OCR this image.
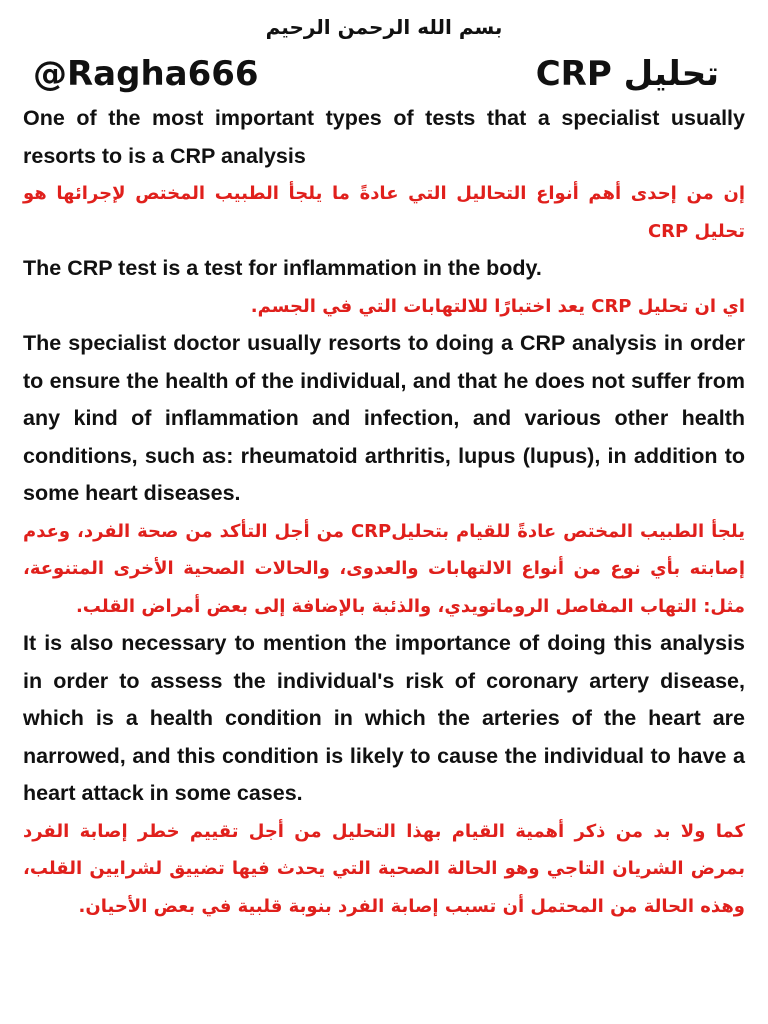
بسم الله الرحمن الرحيم
@Ragha666	تحليل CRP

One of the most important types of tests that a specialist usually resorts to is a CRP analysis

إن من إحدى أهم أنواع التحاليل التي عادةً ما يلجأ الطبيب المختص لإجرائها هو تحليل CRP

The CRP test is a test for inflammation in the body.

اي ان تحليل CRP يعد اختبارًا للالتهابات التي في الجسم.

The specialist doctor usually resorts to doing a CRP analysis in order to ensure the health of the individual, and that he does not suffer from any kind of inflammation and infection, and various other health conditions, such as: rheumatoid arthritis, lupus (lupus), in addition to some heart diseases.

يلجأ الطبيب المختص عادةً للقيام بتحليلCRP من أجل التأكد من صحة الفرد، وعدم إصابته بأي نوع من أنواع الالتهابات والعدوى، والحالات الصحية الأخرى المتنوعة، مثل: التهاب المفاصل الروماتويدي، والذئبة بالإضافة إلى بعض أمراض القلب.

It is also necessary to mention the importance of doing this analysis in order to assess the individual's risk of coronary artery disease, which is a health condition in which the arteries of the heart are narrowed, and this condition is likely to cause the individual to have a heart attack in some cases.

كما ولا بد من ذكر أهمية القيام بهذا التحليل من أجل تقييم خطر إصابة الفرد بمرض الشريان التاجي وهو الحالة الصحية التي يحدث فيها تضييق لشرايين القلب، وهذه الحالة من المحتمل أن تسبب إصابة الفرد بنوبة قلبية في بعض الأحيان.
